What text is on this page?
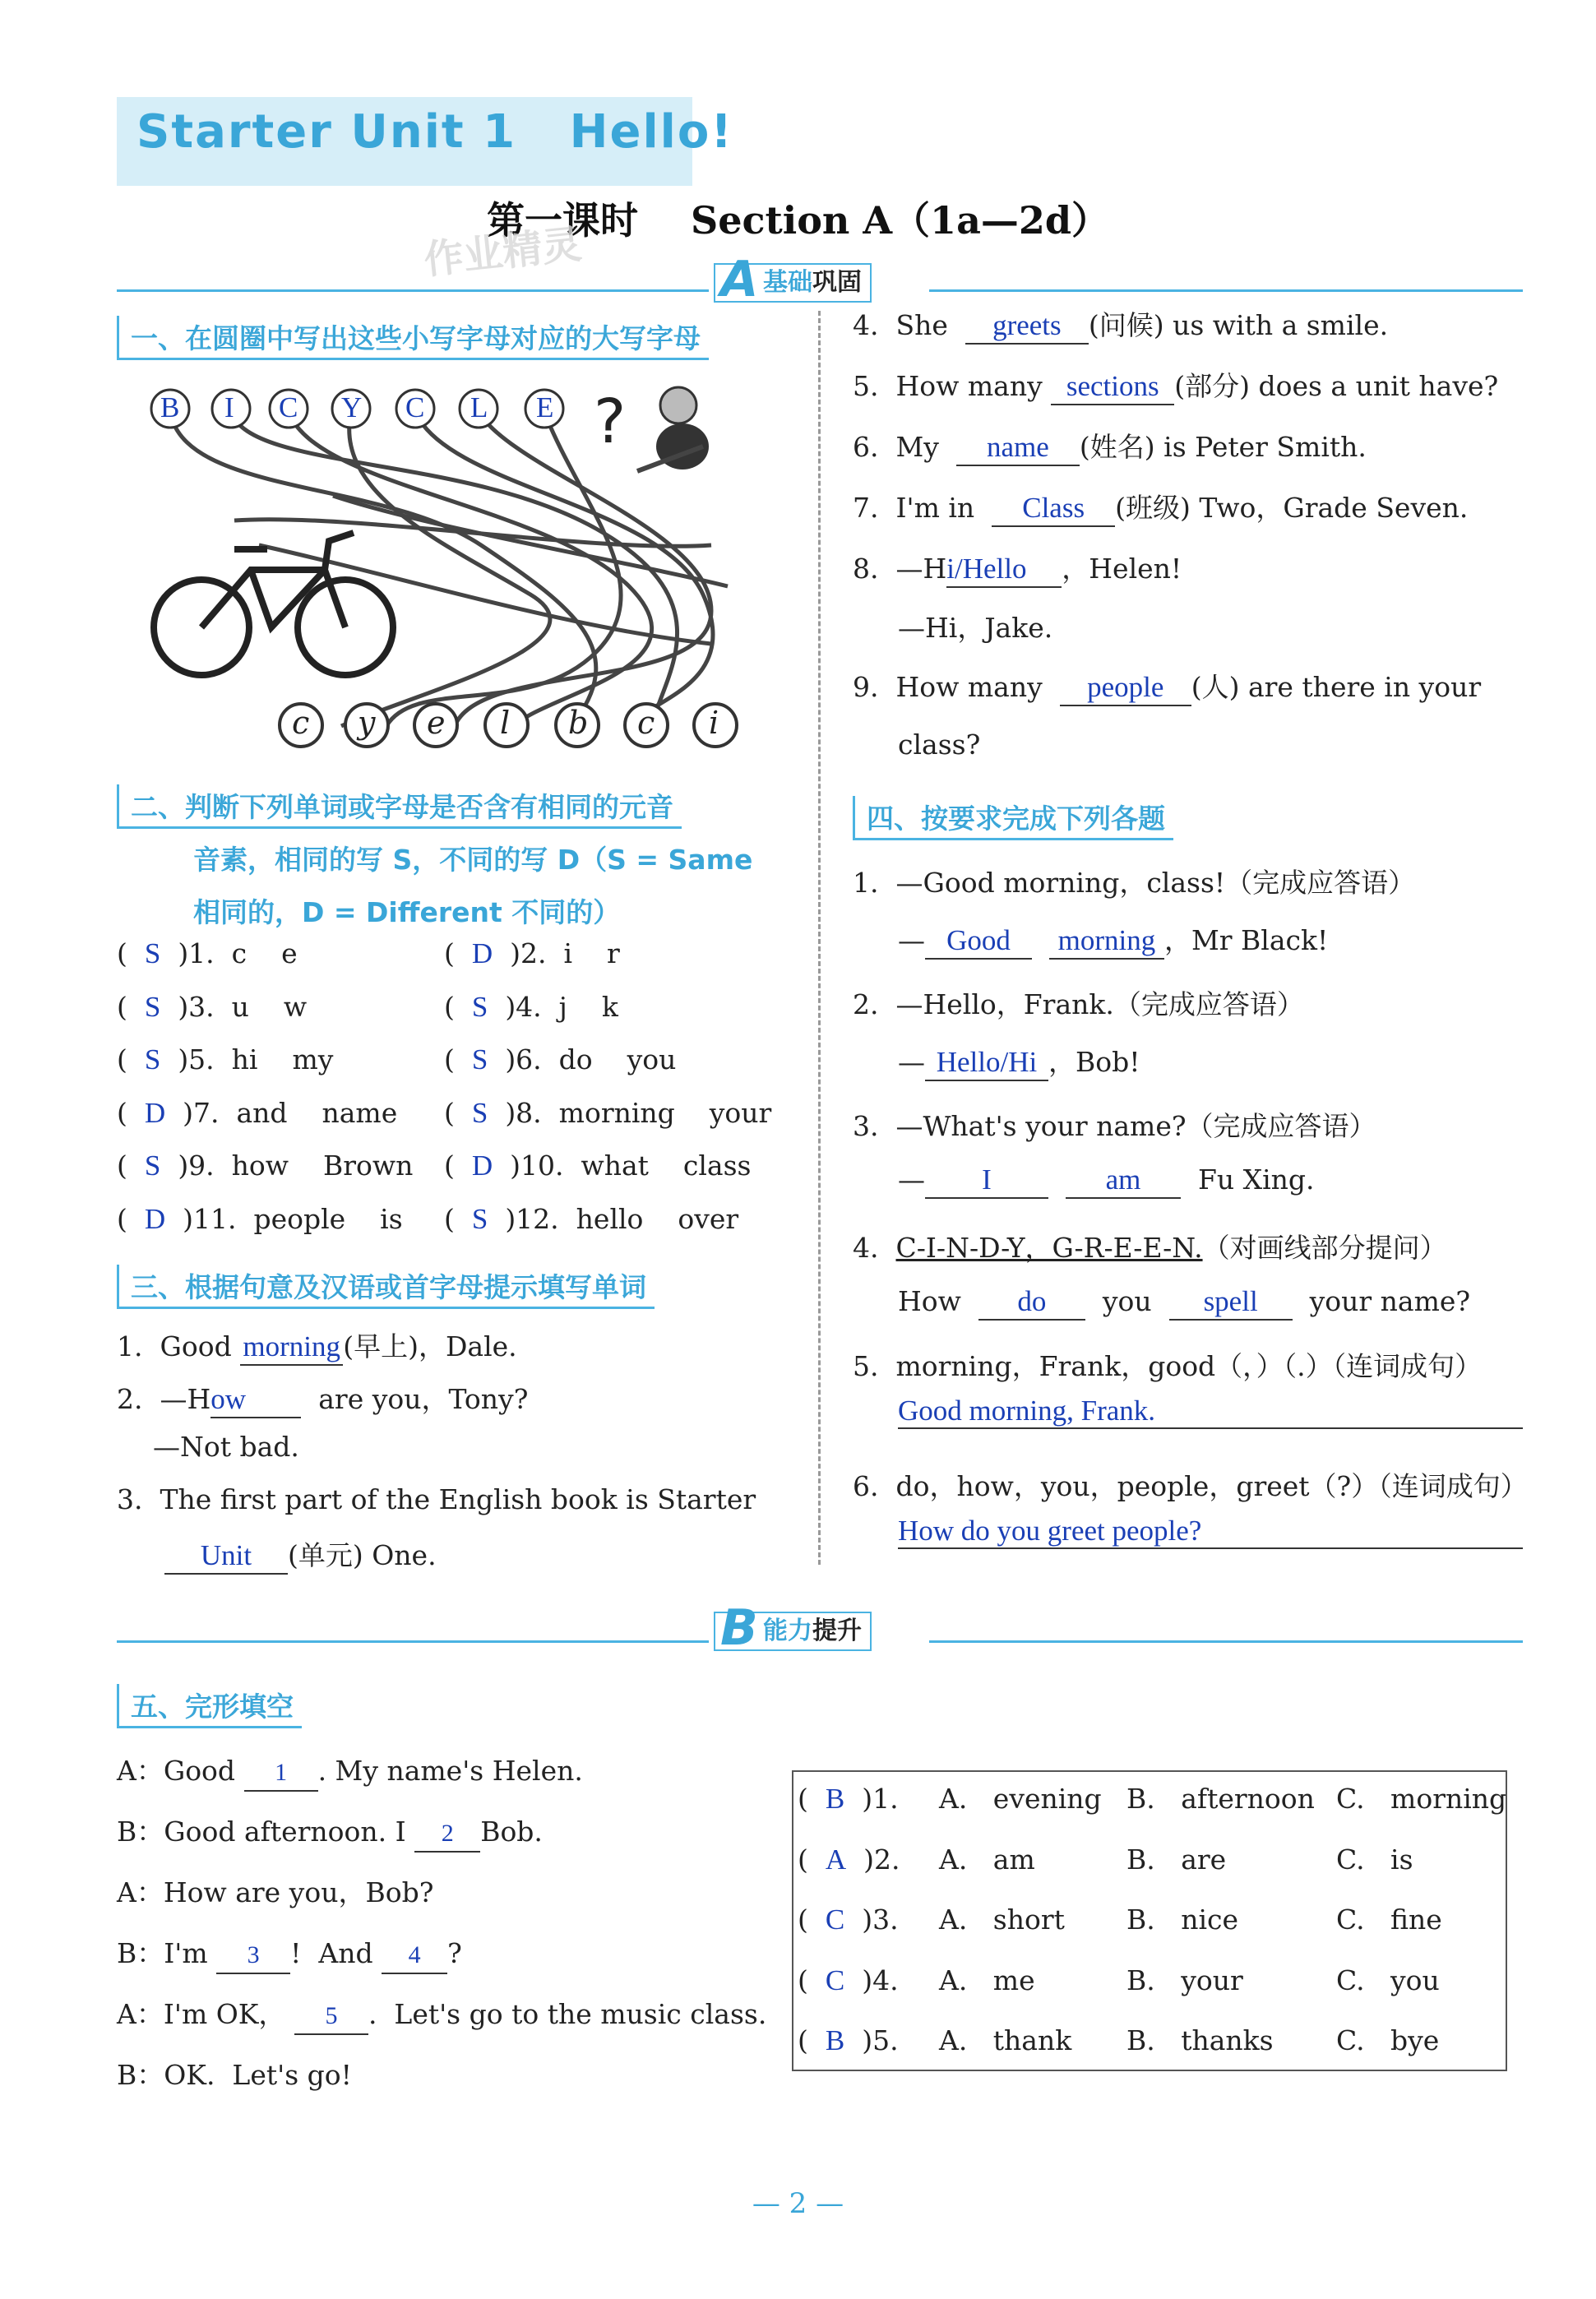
Starter Unit 1   Hello!
第一课时    Section A（1a—2d）
作业精灵	A 基础巩固
一、在圆圈中写出这些小写字母对应的大写字母
B I C Y C L E ?
c y e l b c i
二、判断下列单词或字母是否含有相同的元音
音素，相同的写 S，不同的写 D（S = Same
相同的，D = Different 不同的）
(  S )1. c    e	(  D )2. i    r
(  S )3. u    w	(  S )4. j    k
(  S )5. hi    my	(  S )6. do    you
(  D )7. and    name (  S )8. morning    your
(  S )9. how    Brown (  D )10. what    class
(  D )11. people    is (  S )12. hello    over
三、根据句意及汉语或首字母提示填写单词
1. Good morning(早上)，Dale.
2. —How	are you，Tony?
—Not bad.
3. The first part of the English book is Starter
Unit (单元) One.
4. She greets (问候) us with a smile.
5. How many sections (部分) does a unit have?
6. My name (姓名) is Peter Smith.
7. I'm in Class (班级) Two，Grade Seven.
8. —Hi/Hello ，Helen!
—Hi，Jake.
9. How many people (人) are there in your
class?
四、按要求完成下列各题
1. —Good morning，class!（完成应答语）
— Good morning ，Mr Black!
2. —Hello，Frank.（完成应答语）
— Hello/Hi ，Bob!
3. —What's your name?（完成应答语）
— I	am Fu Xing.
4. C-I-N-D-Y，G-R-E-E-N.（对画线部分提问）
How do you spell your name?
5. morning，Frank，good（，）（.）（连词成句）
Good morning, Frank.
6. do，how，you，people，greet（?）（连词成句）
How do you greet people?
B 能力提升
五、完形填空
A：Good 1 . My name's Helen.
B：Good afternoon. I 2 Bob.
A：How are you，Bob?
B：I'm 3 !  And 4 ?
A：I'm OK， 5 .  Let's go to the music class.
B：OK.  Let's go!
(  B )1. A.   evening B.   afternoon C.   morning
(  A )2. A.   am	B.   are	C.   is
(  C )3. A.   short B.   nice	C.   fine
(  C )4. A.   me	B.   your	C.   you
(  B )5. A.   thank B.   thanks C.   bye
— 2 —
